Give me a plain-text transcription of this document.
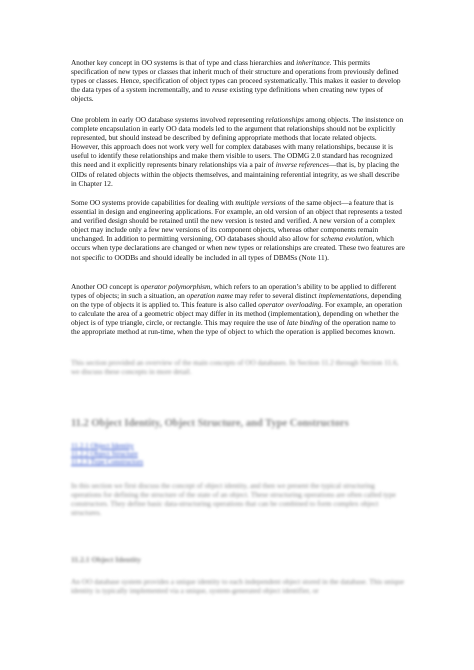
Another key concept in OO systems is that of type and class hierarchies and inheritance. This permits specification of new types or classes that inherit much of their structure and operations from previously defined types or classes. Hence, specification of object types can proceed systematically. This makes it easier to develop the data types of a system incrementally, and to reuse existing type definitions when creating new types of objects.

One problem in early OO database systems involved representing relationships among objects. The insistence on complete encapsulation in early OO data models led to the argument that relationships should not be explicitly represented, but should instead be described by defining appropriate methods that locate related objects. However, this approach does not work very well for complex databases with many relationships, because it is useful to identify these relationships and make them visible to users. The ODMG 2.0 standard has recognized this need and it explicitly represents binary relationships via a pair of inverse references—that is, by placing the OIDs of related objects within the objects themselves, and maintaining referential integrity, as we shall describe in Chapter 12.

Some OO systems provide capabilities for dealing with multiple versions of the same object—a feature that is essential in design and engineering applications. For example, an old version of an object that represents a tested and verified design should be retained until the new version is tested and verified. A new version of a complex object may include only a few new versions of its component objects, whereas other components remain unchanged. In addition to permitting versioning, OO databases should also allow for schema evolution, which occurs when type declarations are changed or when new types or relationships are created. These two features are not specific to OODBs and should ideally be included in all types of DBMSs (Note 11).

Another OO concept is operator polymorphism, which refers to an operation’s ability to be applied to different types of objects; in such a situation, an operation name may refer to several distinct implementations, depending on the type of objects it is applied to. This feature is also called operator overloading. For example, an operation to calculate the area of a geometric object may differ in its method (implementation), depending on whether the object is of type triangle, circle, or rectangle. This may require the use of late binding of the operation name to the appropriate method at run-time, when the type of object to which the operation is applied becomes known.

This section provided an overview of the main concepts of OO databases. In Section 11.2 through Section 11.6, we discuss these concepts in more detail.

11.2 Object Identity, Object Structure, and Type Constructors
11.2.1 Object Identity
11.2.2 Object Structure
11.2.3 Type Constructors

In this section we first discuss the concept of object identity, and then we present the typical structuring operations for defining the structure of the state of an object. These structuring operations are often called type constructors. They define basic data-structuring operations that can be combined to form complex object structures.

11.2.1 Object Identity

An OO database system provides a unique identity to each independent object stored in the database. This unique identity is typically implemented via a unique, system-generated object identifier, or
